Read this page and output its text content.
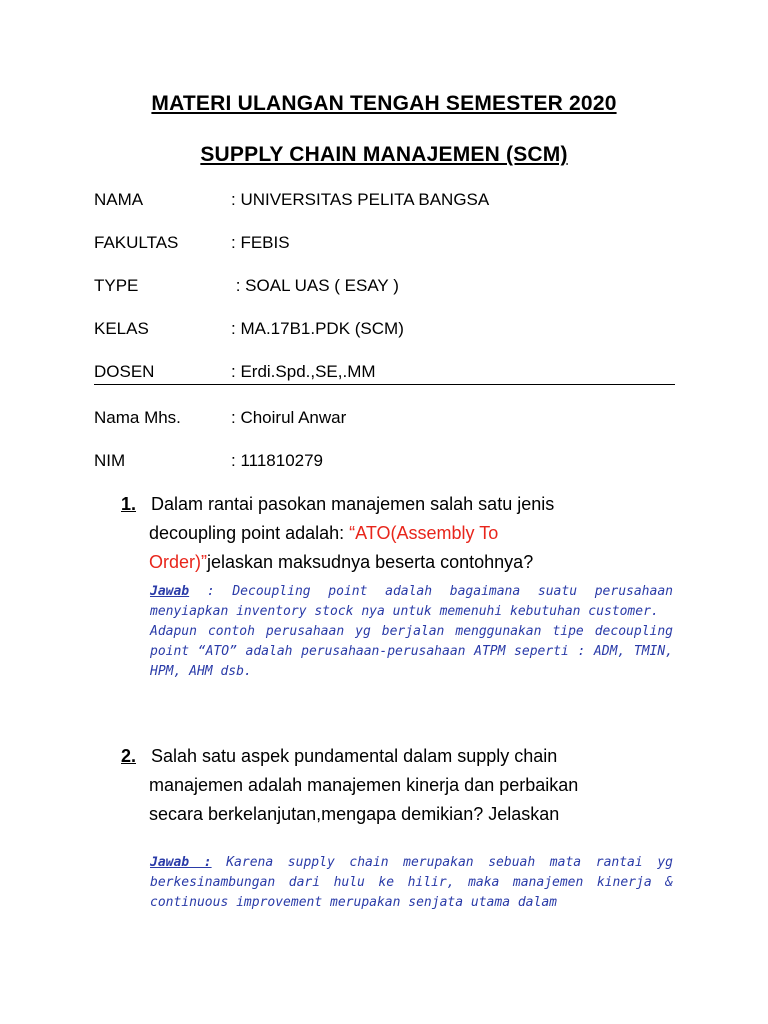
MATERI ULANGAN TENGAH SEMESTER 2020
SUPPLY CHAIN MANAJEMEN (SCM)
NAMA	: UNIVERSITAS PELITA BANGSA
FAKULTAS	: FEBIS
TYPE	: SOAL UAS ( ESAY )
KELAS	: MA.17B1.PDK (SCM)
DOSEN	: Erdi.Spd.,SE,.MM
Nama Mhs.	: Choirul Anwar
NIM	: 111810279
1.Dalam rantai pasokan manajemen salah satu jenis
decoupling point adalah: “ATO(Assembly To
Order)”jelaskan maksudnya beserta contohnya?

Jawab : Decoupling point adalah bagaimana suatu perusahaan menyiapkan inventory stock nya untuk memenuhi kebutuhan customer.

Adapun contoh perusahaan yg berjalan menggunakan tipe decoupling point “ATO” adalah perusahaan-perusahaan ATPM seperti : ADM, TMIN, HPM, AHM dsb.

2.Salah satu aspek pundamental dalam supply chain
manajemen adalah manajemen kinerja dan perbaikan
secara berkelanjutan,mengapa demikian? Jelaskan

Jawab : Karena supply chain merupakan sebuah mata rantai yg berkesinambungan dari hulu ke hilir, maka manajemen kinerja & continuous improvement merupakan senjata utama dalam
